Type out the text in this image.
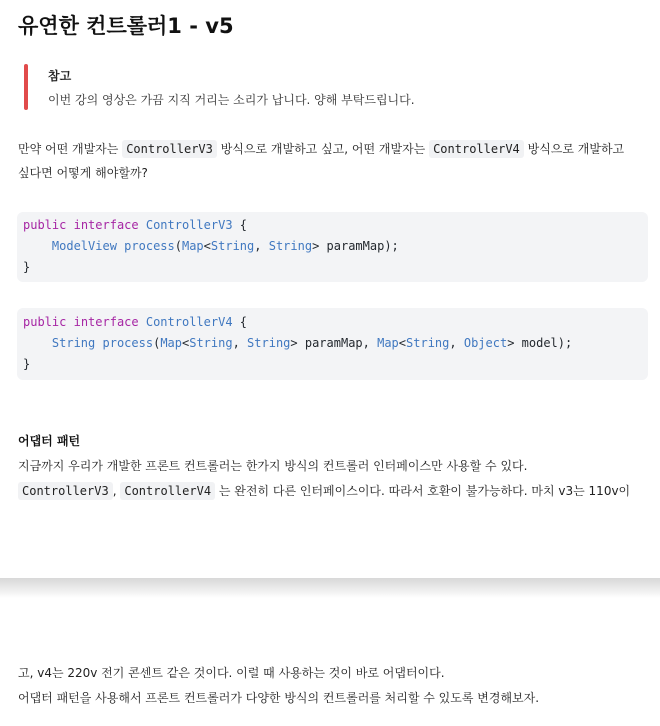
유연한 컨트롤러1 - v5
참고
이번 강의 영상은 가끔 지직 거리는 소리가 납니다. 양해 부탁드립니다.
만약 어떤 개발자는 ControllerV3 방식으로 개발하고 싶고, 어떤 개발자는 ControllerV4 방식으로 개발하고
싶다면 어떻게 해야할까?
public interface ControllerV3 {
ModelView process(Map<String, String> paramMap);
}
public interface ControllerV4 {
String process(Map<String, String> paramMap, Map<String, Object> model);
}
어댑터 패턴
지금까지 우리가 개발한 프론트 컨트롤러는 한가지 방식의 컨트롤러 인터페이스만 사용할 수 있다.
ControllerV3 , ControllerV4 는 완전히 다른 인터페이스이다. 따라서 호환이 불가능하다. 마치 v3는 110v이
고, v4는 220v 전기 콘센트 같은 것이다. 이럴 때 사용하는 것이 바로 어댑터이다.
어댑터 패턴을 사용해서 프론트 컨트롤러가 다양한 방식의 컨트롤러를 처리할 수 있도록 변경해보자.
